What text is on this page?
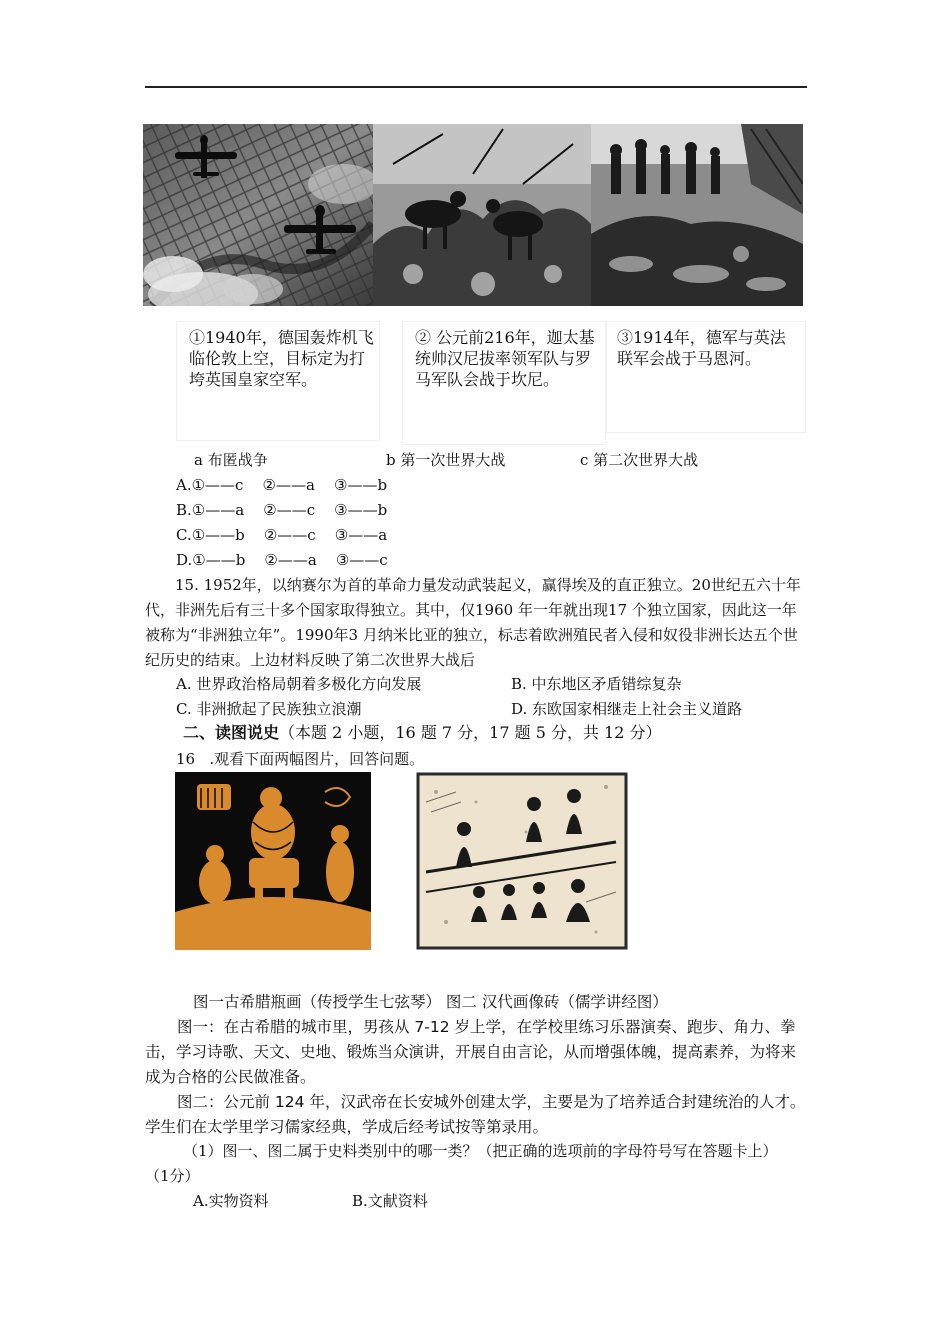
①1940年，德国轰炸机飞临伦敦上空，目标定为打垮英国皇家空军。
② 公元前216年，迦太基统帅汉尼拔率领军队与罗马军队会战于坎尼。
③1914年，德军与英法联军会战于马恩河。
a 布匿战争	b 第一次世界大战	c 第二次世界大战
A.①——c    ②——a    ③——b
B.①——a    ②——c    ③——b
C.①——b    ②——c    ③——a
D.①——b    ②——a    ③——c
15. 1952年，以纳赛尔为首的革命力量发动武装起义，赢得埃及的直正独立。20世纪五六十年代，非洲先后有三十多个国家取得独立。其中，仅1960 年一年就出现17 个独立国家，因此这一年被称为“非洲独立年”。1990年3 月纳米比亚的独立，标志着欧洲殖民者入侵和奴役非洲长达五个世纪历史的结束。上边材料反映了第二次世界大战后
A. 世界政治格局朝着多极化方向发展	B. 中东地区矛盾错综复杂
C. 非洲掀起了民族独立浪潮	D. 东欧国家相继走上社会主义道路
二、读图说史（本题 2 小题，16 题 7 分，17 题 5 分，共 12 分）
16   .观看下面两幅图片，回答问题。
图一古希腊瓶画（传授学生七弦琴） 图二 汉代画像砖（儒学讲经图）
图一：在古希腊的城市里，男孩从 7-12 岁上学，在学校里练习乐器演奏、跑步、角力、拳击，学习诗歌、天文、史地、锻炼当众演讲，开展自由言论，从而增强体魄，提高素养，为将来成为合格的公民做准备。
图二：公元前 124 年，汉武帝在长安城外创建太学，主要是为了培养适合封建统治的人才。学生们在太学里学习儒家经典，学成后经考试按等第录用。
（1）图一、图二属于史料类别中的哪一类？（把正确的选项前的字母符号写在答题卡上）   （1分）
A.实物资料	B.文献资料
